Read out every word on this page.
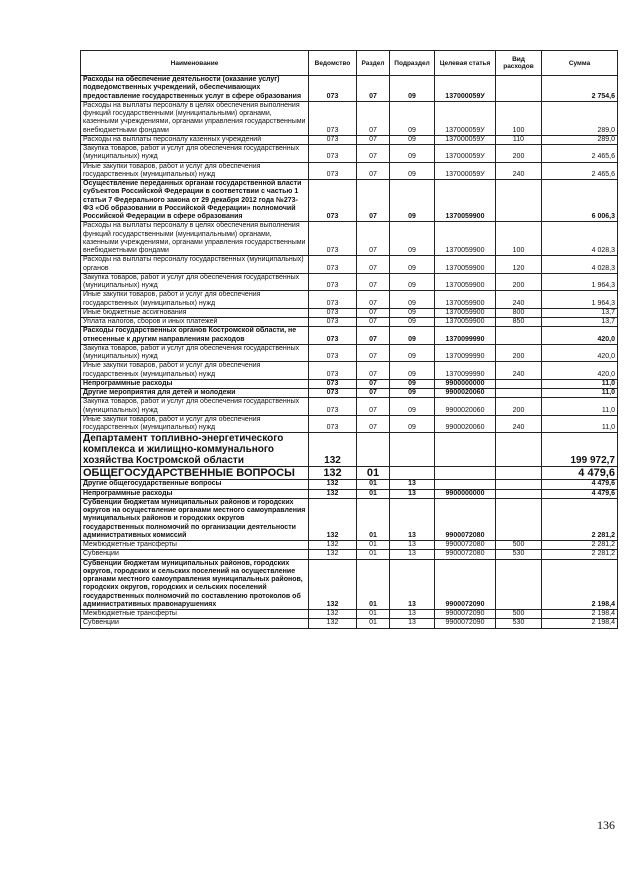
Наименование	Ведомство	Раздел	Подраздел	Целевая статья	Вид расходов	Сумма
Расходы на обеспечение деятельности (оказание услуг) подведомственных учреждений, обеспечивающих предоставление государственных услуг в сфере образования	073	07	09	137000059У		2 754,6
Расходы на выплаты персоналу в целях обеспечения выполнения функций государственными (муниципальными) органами, казенными учреждениями, органами управления государственными внебюджетными фондами	073	07	09	137000059У	100	289,0
Расходы на выплаты персоналу казенных учреждений	073	07	09	137000059У	110	289,0
Закупка товаров, работ и услуг для обеспечения государственных (муниципальных) нужд	073	07	09	137000059У	200	2 465,6
Иные закупки товаров, работ и услуг для обеспечения государственных (муниципальных) нужд	073	07	09	137000059У	240	2 465,6
Осуществление переданных органам государственной власти субъектов Российской Федерации в соответствии с частью 1 статьи 7 Федерального закона от 29 декабря 2012 года №273-ФЗ «Об образовании в Российской Федерации» полномочий Российской Федерации в сфере образования	073	07	09	1370059900		6 006,3
Расходы на выплаты персоналу в целях обеспечения выполнения функций государственными (муниципальными) органами, казенными учреждениями, органами управления государственными внебюджетными фондами	073	07	09	1370059900	100	4 028,3
Расходы на выплаты персоналу государственных (муниципальных) органов	073	07	09	1370059900	120	4 028,3
Закупка товаров, работ и услуг для обеспечения государственных (муниципальных) нужд	073	07	09	1370059900	200	1 964,3
Иные закупки товаров, работ и услуг для обеспечения государственных (муниципальных) нужд	073	07	09	1370059900	240	1 964,3
Иные бюджетные ассигнования	073	07	09	1370059900	800	13,7
Уплата налогов, сборов и иных платежей	073	07	09	1370059900	850	13,7
Расходы государственных органов Костромской области, не отнесенные к другим направлениям расходов	073	07	09	1370099990		420,0
Закупка товаров, работ и услуг для обеспечения государственных (муниципальных) нужд	073	07	09	1370099990	200	420,0
Иные закупки товаров, работ и услуг для обеспечения государственных (муниципальных) нужд	073	07	09	1370099990	240	420,0
Непрограммные расходы	073	07	09	9900000000		11,0
Другие мероприятия для детей и молодежи	073	07	09	9900020060		11,0
Закупка товаров, работ и услуг для обеспечения государственных (муниципальных) нужд	073	07	09	9900020060	200	11,0
Иные закупки товаров, работ и услуг для обеспечения государственных (муниципальных) нужд	073	07	09	9900020060	240	11,0
Департамент топливно-энергетического комплекса и жилищно-коммунального хозяйства Костромской области	132					199 972,7
ОБЩЕГОСУДАРСТВЕННЫЕ ВОПРОСЫ	132	01				4 479,6
Другие общегосударственные вопросы	132	01	13			4 479,6
Непрограммные расходы	132	01	13	9900000000		4 479,6
Субвенции бюджетам муниципальных районов и городских округов на осуществление органами местного самоуправления муниципальных районов и городских округов государственных полномочий по организации деятельности административных комиссий	132	01	13	9900072080		2 281,2
Межбюджетные трансферты	132	01	13	9900072080	500	2 281,2
Субвенции	132	01	13	9900072080	530	2 281,2
Субвенции бюджетам муниципальных районов, городских округов, городских и сельских поселений на осуществление органами местного самоуправления муниципальных районов, городских округов, городских и сельских поселений государственных полномочий по составлению протоколов об административных правонарушениях	132	01	13	9900072090		2 198,4
Межбюджетные трансферты	132	01	13	9900072090	500	2 198,4
Субвенции	132	01	13	9900072090	530	2 198,4
136
